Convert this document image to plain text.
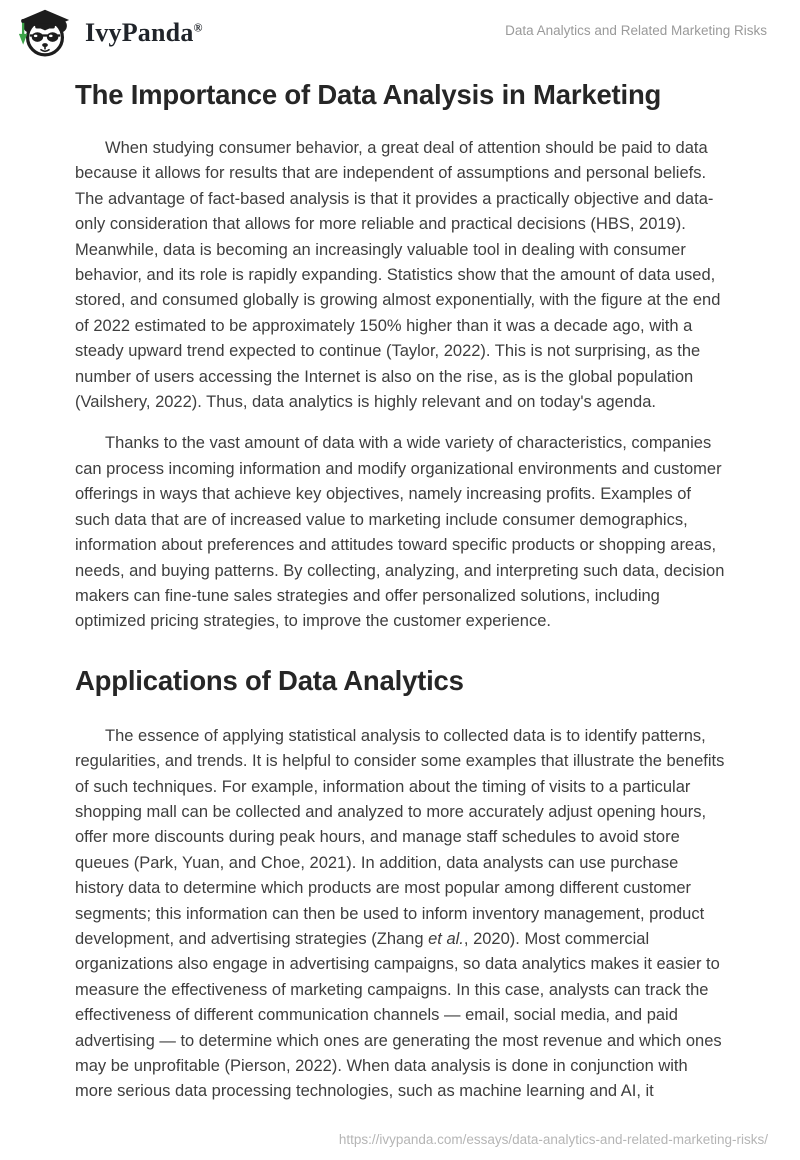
IvyPanda®	Data Analytics and Related Marketing Risks
The Importance of Data Analysis in Marketing

When studying consumer behavior, a great deal of attention should be paid to data because it allows for results that are independent of assumptions and personal beliefs. The advantage of fact-based analysis is that it provides a practically objective and data-only consideration that allows for more reliable and practical decisions (HBS, 2019). Meanwhile, data is becoming an increasingly valuable tool in dealing with consumer behavior, and its role is rapidly expanding. Statistics show that the amount of data used, stored, and consumed globally is growing almost exponentially, with the figure at the end of 2022 estimated to be approximately 150% higher than it was a decade ago, with a steady upward trend expected to continue (Taylor, 2022). This is not surprising, as the number of users accessing the Internet is also on the rise, as is the global population (Vailshery, 2022). Thus, data analytics is highly relevant and on today's agenda.

Thanks to the vast amount of data with a wide variety of characteristics, companies can process incoming information and modify organizational environments and customer offerings in ways that achieve key objectives, namely increasing profits. Examples of such data that are of increased value to marketing include consumer demographics, information about preferences and attitudes toward specific products or shopping areas, needs, and buying patterns. By collecting, analyzing, and interpreting such data, decision makers can fine-tune sales strategies and offer personalized solutions, including optimized pricing strategies, to improve the customer experience.

Applications of Data Analytics

The essence of applying statistical analysis to collected data is to identify patterns, regularities, and trends. It is helpful to consider some examples that illustrate the benefits of such techniques. For example, information about the timing of visits to a particular shopping mall can be collected and analyzed to more accurately adjust opening hours, offer more discounts during peak hours, and manage staff schedules to avoid store queues (Park, Yuan, and Choe, 2021). In addition, data analysts can use purchase history data to determine which products are most popular among different customer segments; this information can then be used to inform inventory management, product development, and advertising strategies (Zhang et al., 2020). Most commercial organizations also engage in advertising campaigns, so data analytics makes it easier to measure the effectiveness of marketing campaigns. In this case, analysts can track the effectiveness of different communication channels — email, social media, and paid advertising — to determine which ones are generating the most revenue and which ones may be unprofitable (Pierson, 2022). When data analysis is done in conjunction with more serious data processing technologies, such as machine learning and AI, it

https://ivypanda.com/essays/data-analytics-and-related-marketing-risks/
